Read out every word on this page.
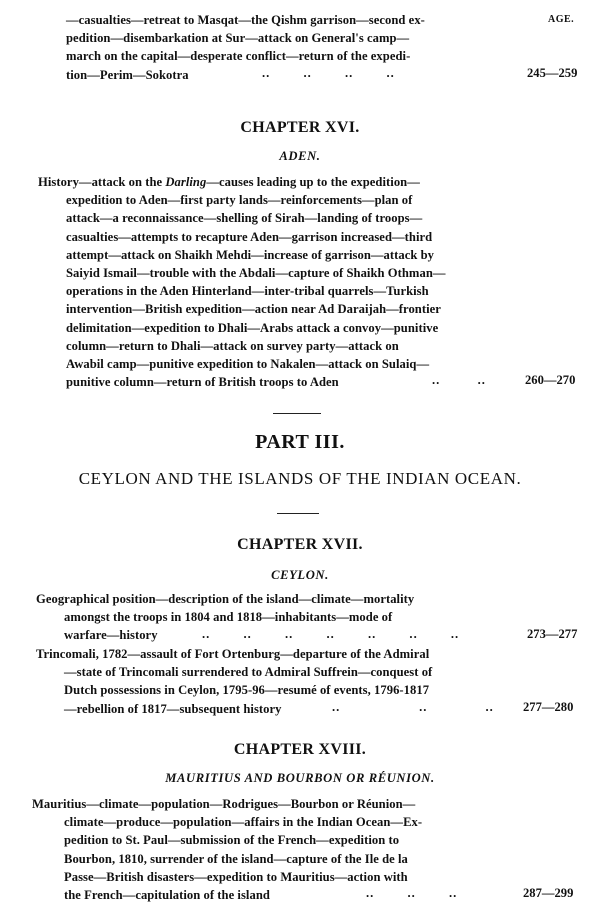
AGE.
—casualties—retreat to Masqat—the Qishm garrison—second ex-
pedition—disembarkation at Sur—attack on General's camp—
march on the capital—desperate conflict—return of the expedi-
tion—Perim—Sokotra	..	..	..	..	245—259
CHAPTER XVI.
ADEN.
History—attack on the Darling—causes leading up to the expedition—
expedition to Aden—first party lands—reinforcements—plan of
attack—a reconnaissance—shelling of Sirah—landing of troops—
casualties—attempts to recapture Aden—garrison increased—third
attempt—attack on Shaikh Mehdi—increase of garrison—attack by
Saiyid Ismail—trouble with the Abdali—capture of Shaikh Othman—
operations in the Aden Hinterland—inter-tribal quarrels—Turkish
intervention—British expedition—action near Ad Daraijah—frontier
delimitation—expedition to Dhali—Arabs attack a convoy—punitive
column—return to Dhali—attack on survey party—attack on
Awabil camp—punitive expedition to Nakalen—attack on Sulaiq—
punitive column—return of British troops to Aden	..	..	260—270
PART III.
CEYLON AND THE ISLANDS OF THE INDIAN OCEAN.
CHAPTER XVII.
CEYLON.
Geographical position—description of the island—climate—mortality
amongst the troops in 1804 and 1818—inhabitants—mode of
warfare—history	..	..	..	..	..	..	..	273—277
Trincomali, 1782—assault of Fort Ortenburg—departure of the Admiral
—state of Trincomali surrendered to Admiral Suffrein—conquest of
Dutch possessions in Ceylon, 1795-96—resumé of events, 1796-1817
—rebellion of 1817—subsequent history	..	..	.. 277—280
CHAPTER XVIII.
MAURITIUS AND BOURBON OR RÉUNION.
Mauritius—climate—population—Rodrigues—Bourbon or Réunion—
climate—produce—population—affairs in the Indian Ocean—Ex-
pedition to St. Paul—submission of the French—expedition to
Bourbon, 1810, surrender of the island—capture of the Ile de la
Passe—British disasters—expedition to Mauritius—action with
the French—capitulation of the island	..	..	..	287—299
